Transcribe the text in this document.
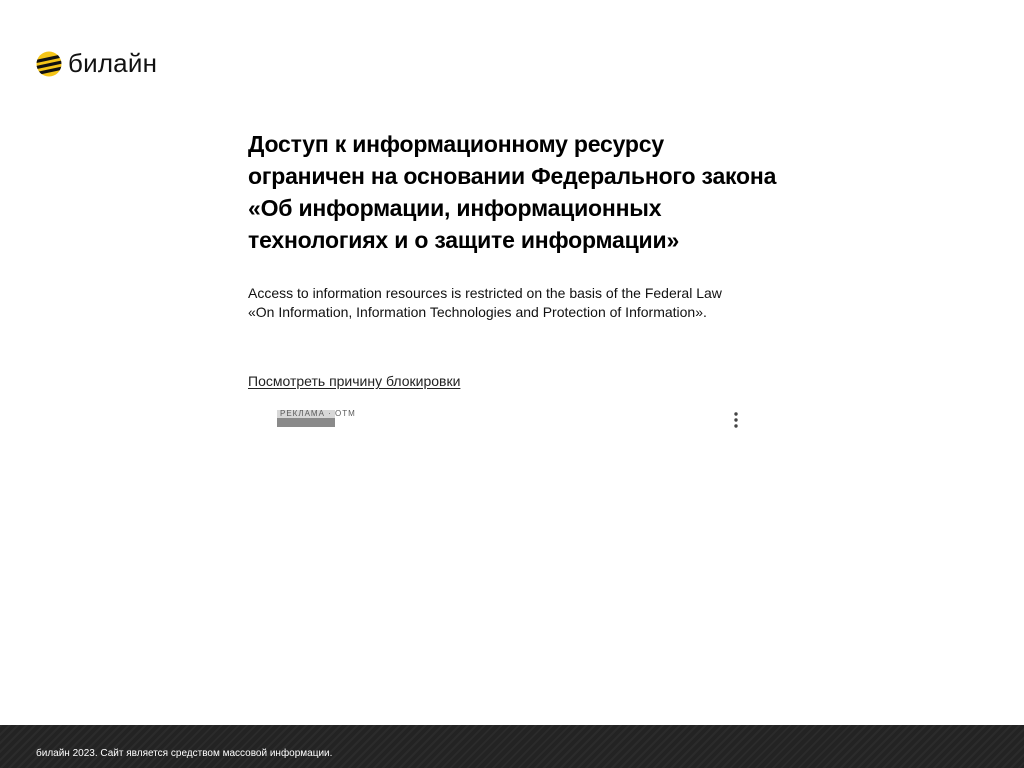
билайн
Доступ к информационному ресурсу ограничен на основании Федерального закона «Об информации, информационных технологиях и о защите информации»

Access to information resources is restricted on the basis of the Federal Law
«On Information, Information Technologies and Protection of Information».

Посмотреть причину блокировки
РЕКЛАМА · OTM
билайн 2023. Сайт является средством массовой информации.
